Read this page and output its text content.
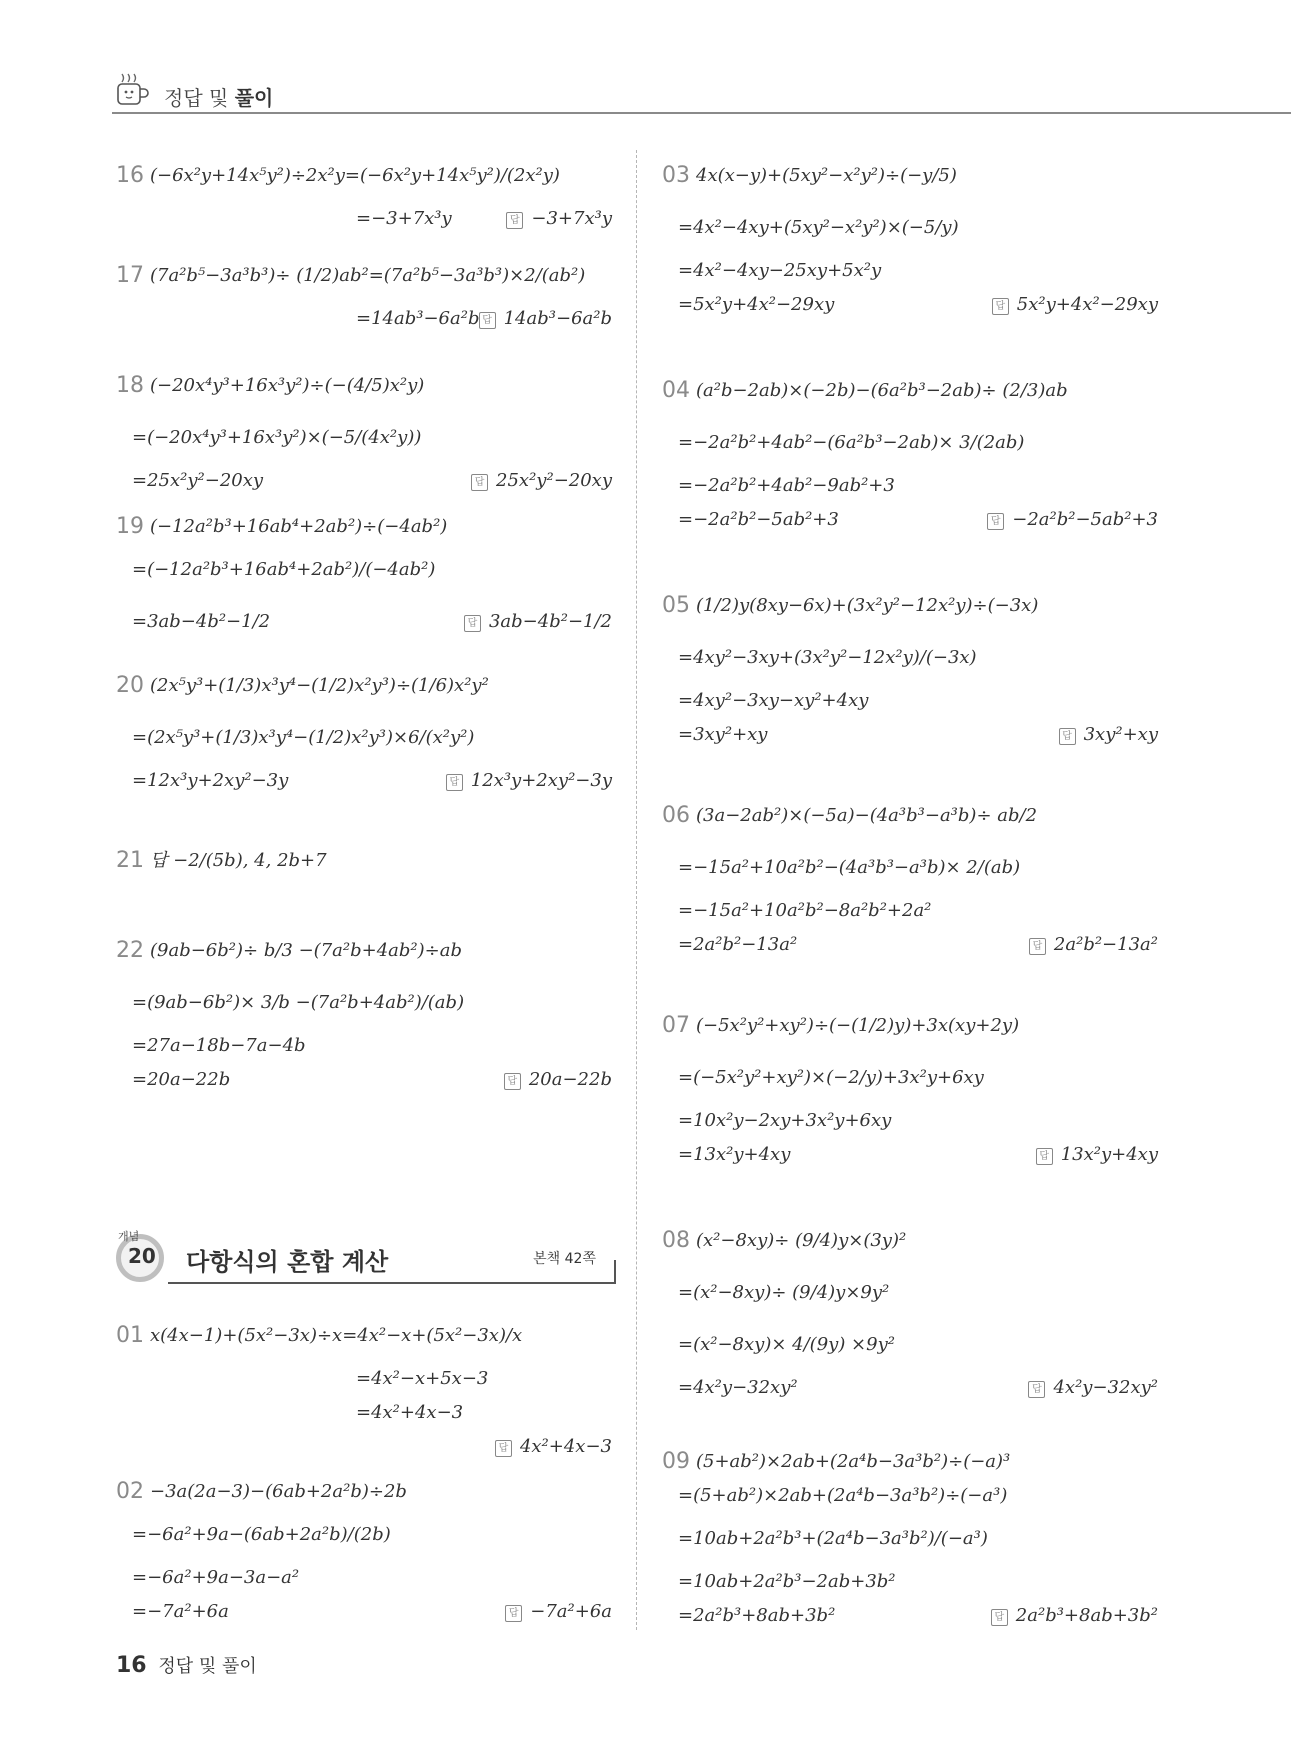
정답 및 풀이
16 (−6x²y+14x⁵y²)÷2x²y=(−6x²y+14x⁵y²)/(2x²y)
=−3+7x³y	답 −3+7x³y
17 (7a²b⁵−3a³b³)÷ (1/2)ab²=(7a²b⁵−3a³b³)×2/(ab²)
=14ab³−6a²b 답 14ab³−6a²b
18 (−20x⁴y³+16x³y²)÷(−(4/5)x²y)
=(−20x⁴y³+16x³y²)×(−5/(4x²y))
=25x²y²−20xy	답 25x²y²−20xy
19 (−12a²b³+16ab⁴+2ab²)÷(−4ab²)
=(−12a²b³+16ab⁴+2ab²)/(−4ab²)
=3ab−4b²−1/2	답 3ab−4b²−1/2
20 (2x⁵y³+(1/3)x³y⁴−(1/2)x²y³)÷(1/6)x²y²
=(2x⁵y³+(1/3)x³y⁴−(1/2)x²y³)×6/(x²y²)
=12x³y+2xy²−3y	답 12x³y+2xy²−3y
21 답 −2/(5b), 4, 2b+7
22 (9ab−6b²)÷ b/3 −(7a²b+4ab²)÷ab
=(9ab−6b²)× 3/b −(7a²b+4ab²)/(ab)
=27a−18b−7a−4b
=20a−22b	답 20a−22b
개념
20 다항식의 혼합 계산	본책 42쪽
01 x(4x−1)+(5x²−3x)÷x=4x²−x+(5x²−3x)/x
=4x²−x+5x−3
=4x²+4x−3
답 4x²+4x−3
02 −3a(2a−3)−(6ab+2a²b)÷2b
=−6a²+9a−(6ab+2a²b)/(2b)
=−6a²+9a−3a−a²
=−7a²+6a	답 −7a²+6a
03 4x(x−y)+(5xy²−x²y²)÷(−y/5)
=4x²−4xy+(5xy²−x²y²)×(−5/y)
=4x²−4xy−25xy+5x²y
=5x²y+4x²−29xy	답 5x²y+4x²−29xy
04 (a²b−2ab)×(−2b)−(6a²b³−2ab)÷ (2/3)ab
=−2a²b²+4ab²−(6a²b³−2ab)× 3/(2ab)
=−2a²b²+4ab²−9ab²+3
=−2a²b²−5ab²+3	답 −2a²b²−5ab²+3
05 (1/2)y(8xy−6x)+(3x²y²−12x²y)÷(−3x)
=4xy²−3xy+(3x²y²−12x²y)/(−3x)
=4xy²−3xy−xy²+4xy
=3xy²+xy	답 3xy²+xy
06 (3a−2ab²)×(−5a)−(4a³b³−a³b)÷ ab/2
=−15a²+10a²b²−(4a³b³−a³b)× 2/(ab)
=−15a²+10a²b²−8a²b²+2a²
=2a²b²−13a²	답 2a²b²−13a²
07 (−5x²y²+xy²)÷(−(1/2)y)+3x(xy+2y)
=(−5x²y²+xy²)×(−2/y)+3x²y+6xy
=10x²y−2xy+3x²y+6xy
=13x²y+4xy	답 13x²y+4xy
08 (x²−8xy)÷ (9/4)y×(3y)²
=(x²−8xy)÷ (9/4)y×9y²
=(x²−8xy)× 4/(9y) ×9y²
=4x²y−32xy²	답 4x²y−32xy²
09 (5+ab²)×2ab+(2a⁴b−3a³b²)÷(−a)³
=(5+ab²)×2ab+(2a⁴b−3a³b²)÷(−a³)
=10ab+2a²b³+(2a⁴b−3a³b²)/(−a³)
=10ab+2a²b³−2ab+3b²
=2a²b³+8ab+3b²	답 2a²b³+8ab+3b²
16 정답 및 풀이
